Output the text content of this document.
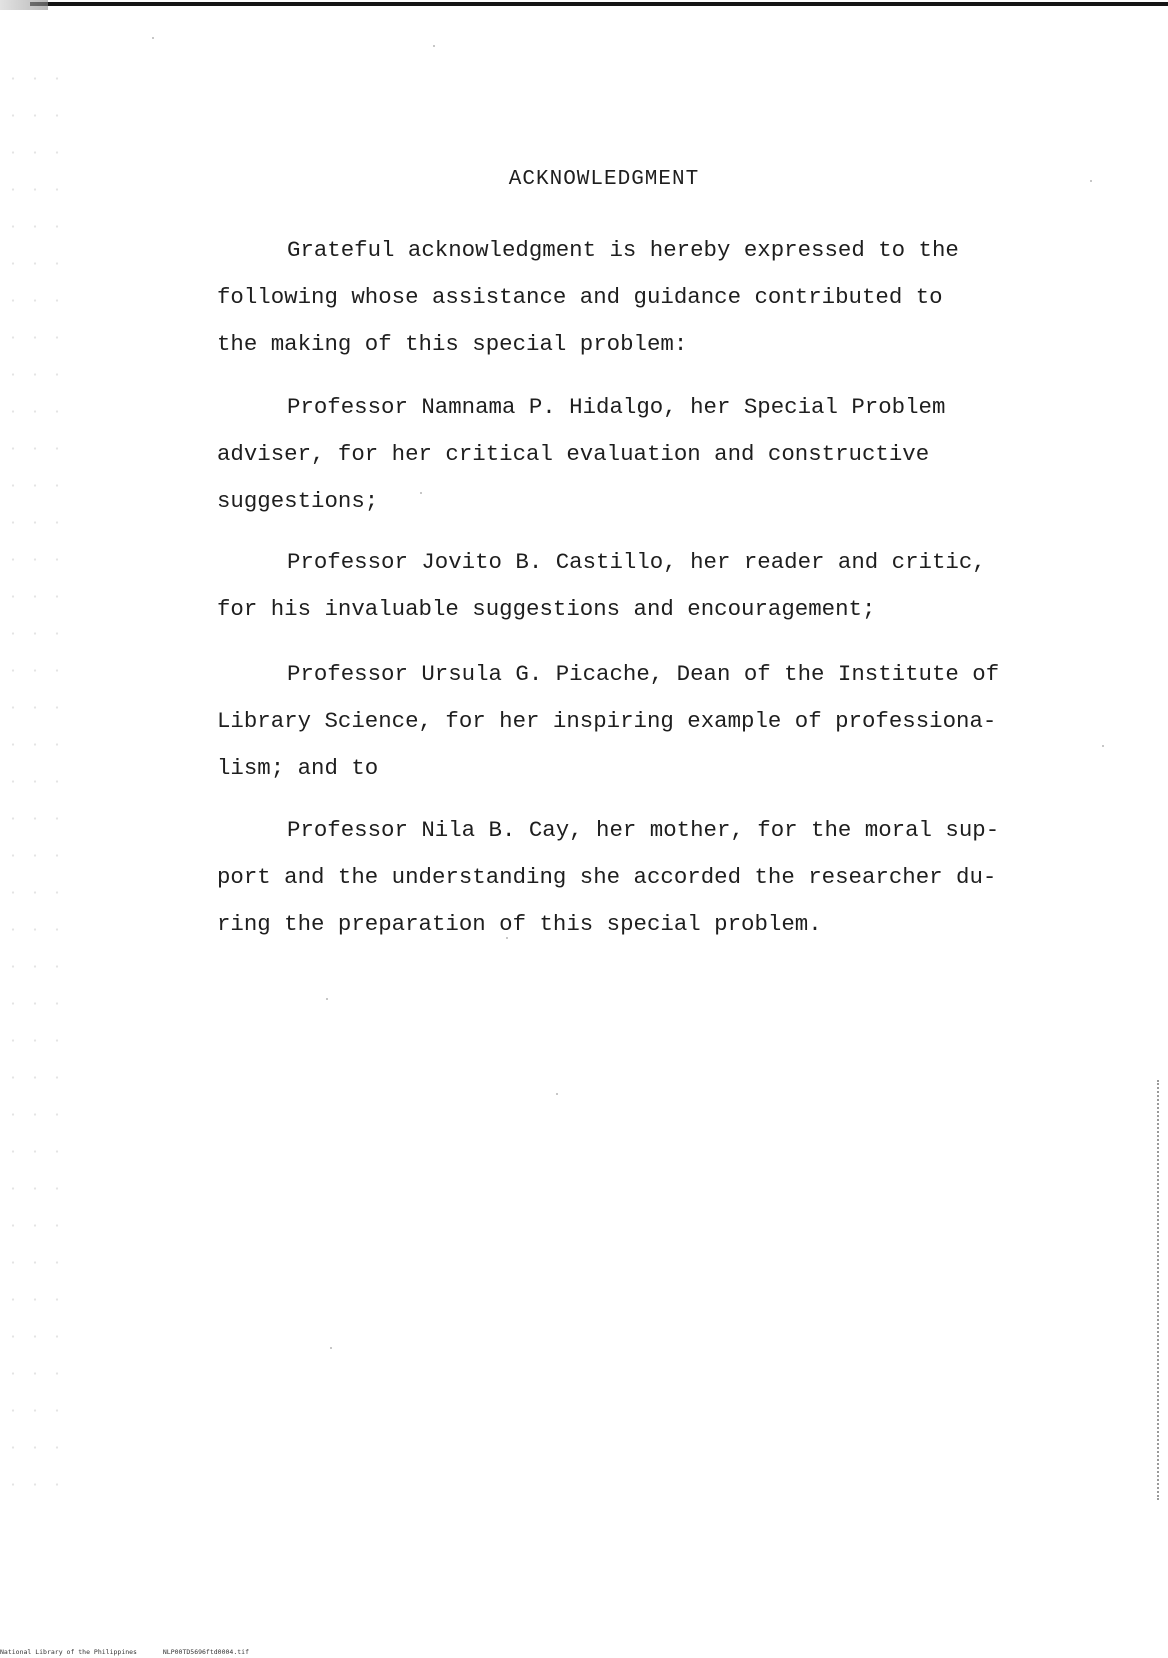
ACKNOWLEDGMENT

Grateful acknowledgment is hereby expressed to the
following whose assistance and guidance contributed to
the making of this special problem:

Professor Namnama P. Hidalgo, her Special Problem
adviser, for her critical evaluation and constructive
suggestions;

Professor Jovito B. Castillo, her reader and critic,
for his invaluable suggestions and encouragement;

Professor Ursula G. Picache, Dean of the Institute of
Library Science, for her inspiring example of professiona-
lism; and to

Professor Nila B. Cay, her mother, for the moral sup-
port and the understanding she accorded the researcher du-
ring the preparation of this special problem.

National Library of the Philippines	NLP00TD5696ftd0004.tif
